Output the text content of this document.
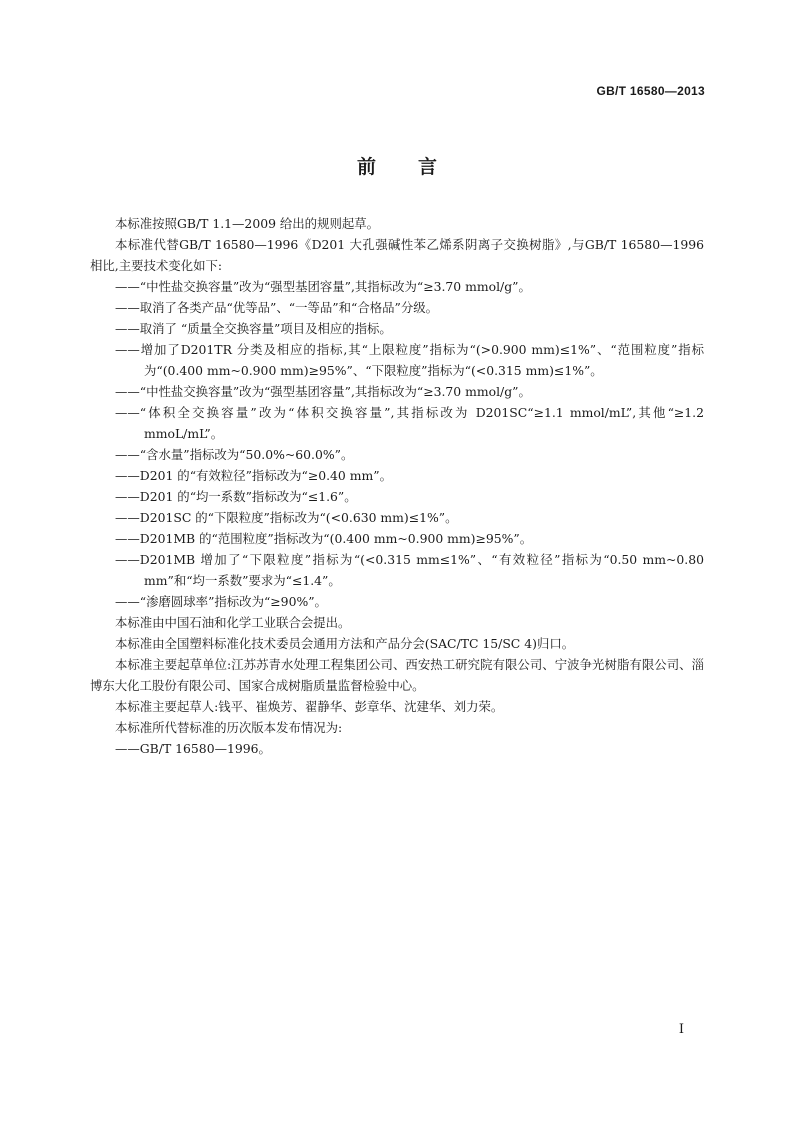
GB/T 16580—2013
前言
本标准按照GB/T 1.1—2009 给出的规则起草。
本标准代替GB/T 16580—1996《D201 大孔强碱性苯乙烯系阴离子交换树脂》,与GB/T 16580—1996 相比,主要技术变化如下:
——“中性盐交换容量”改为“强型基团容量”,其指标改为“≥3.70 mmol/g”。
——取消了各类产品“优等品”、“一等品”和“合格品”分级。
——取消了 “质量全交换容量”项目及相应的指标。
——增加了D201TR 分类及相应的指标,其“上限粒度”指标为“(>0.900 mm)≤1%”、“范围粒度”指标为“(0.400 mm~0.900 mm)≥95%”、“下限粒度”指标为“(<0.315 mm)≤1%”。
——“中性盐交换容量”改为“强型基团容量”,其指标改为“≥3.70 mmol/g”。
——“体积全交换容量”改为“体积交换容量”,其指标改为 D201SC“≥1.1 mmol/mL”,其他“≥1.2 mmoL/mL”。
——“含水量”指标改为“50.0%~60.0%”。
——D201 的“有效粒径”指标改为“≥0.40 mm”。
——D201 的“均一系数”指标改为“≤1.6”。
——D201SC 的“下限粒度”指标改为“(<0.630 mm)≤1%”。
——D201MB 的“范围粒度”指标改为“(0.400 mm~0.900 mm)≥95%”。
——D201MB 增加了“下限粒度”指标为“(<0.315 mm≤1%”、“有效粒径”指标为“0.50 mm~0.80 mm”和“均一系数”要求为“≤1.4”。
——“渗磨圆球率”指标改为“≥90%”。
本标准由中国石油和化学工业联合会提出。
本标准由全国塑料标准化技术委员会通用方法和产品分会(SAC/TC 15/SC 4)归口。
本标准主要起草单位:江苏苏青水处理工程集团公司、西安热工研究院有限公司、宁波争光树脂有限公司、淄博东大化工股份有限公司、国家合成树脂质量监督检验中心。
本标准主要起草人:钱平、崔焕芳、翟静华、彭章华、沈建华、刘力荣。
本标准所代替标准的历次版本发布情况为:
——GB/T 16580—1996。
I
